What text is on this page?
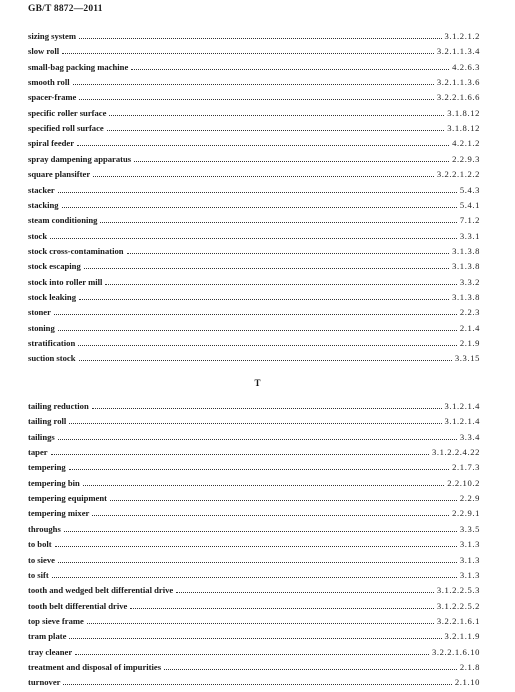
GB/T 8872—2011
sizing system	3.1.2.1.2
slow roll	3.2.1.1.3.4
small-bag packing machine	4.2.6.3
smooth roll	3.2.1.1.3.6
spacer-frame	3.2.2.1.6.6
specific roller surface	3.1.8.12
specified roll surface	3.1.8.12
spiral feeder	4.2.1.2
spray dampening apparatus	2.2.9.3
square plansifter	3.2.2.1.2.2
stacker	5.4.3
stacking	5.4.1
steam conditioning	7.1.2
stock	3.3.1
stock cross-contamination	3.1.3.8
stock escaping	3.1.3.8
stock into roller mill	3.3.2
stock leaking	3.1.3.8
stoner	2.2.3
stoning	2.1.4
stratification	2.1.9
suction stock	3.3.15
T
tailing reduction	3.1.2.1.4
tailing roll	3.1.2.1.4
tailings	3.3.4
taper	3.1.2.2.4.22
tempering	2.1.7.3
tempering bin	2.2.10.2
tempering equipment	2.2.9
tempering mixer	2.2.9.1
throughs	3.3.5
to bolt	3.1.3
to sieve	3.1.3
to sift	3.1.3
tooth and wedged belt differential drive	3.1.2.2.5.3
tooth belt differential drive	3.1.2.2.5.2
top sieve frame	3.2.2.1.6.1
tram plate	3.2.1.1.9
tray cleaner	3.2.2.1.6.10
treatment and disposal of impurities	2.1.8
turnover	2.1.10
